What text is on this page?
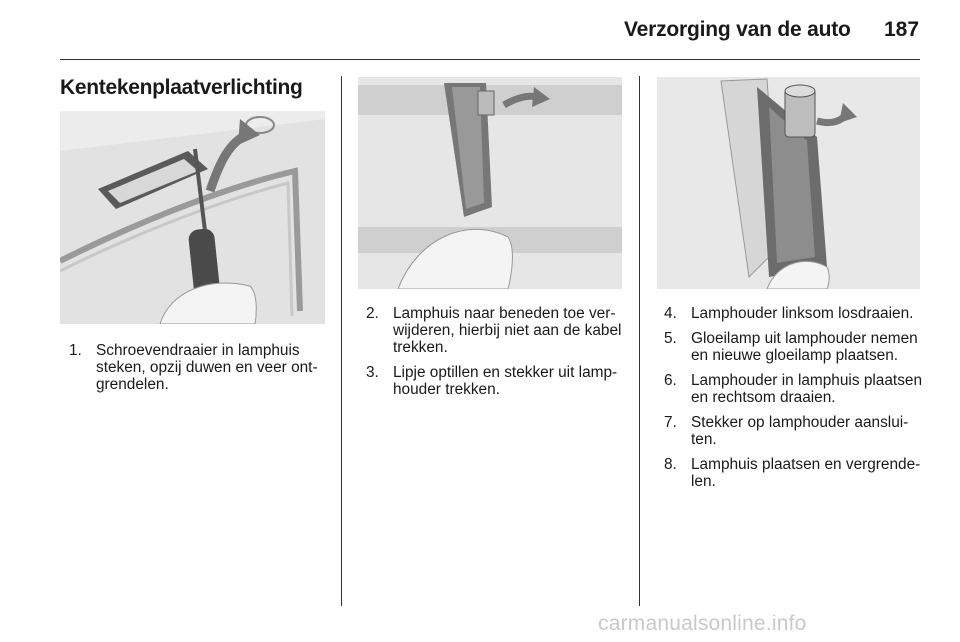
Verzorging van de auto 187
Kentekenplaatverlichting
1. Schroevendraaier in lamphuis steken, opzij duwen en veer ont-grendelen.
2. Lamphuis naar beneden toe ver-wijderen, hierbij niet aan de kabel trekken.
3. Lipje optillen en stekker uit lamp-houder trekken.
4. Lamphouder linksom losdraaien.
5. Gloeilamp uit lamphouder nemen en nieuwe gloeilamp plaatsen.
6. Lamphouder in lamphuis plaatsen en rechtsom draaien.
7. Stekker op lamphouder aanslui-ten.
8. Lamphuis plaatsen en vergrende-len.
carmanualsonline.info
